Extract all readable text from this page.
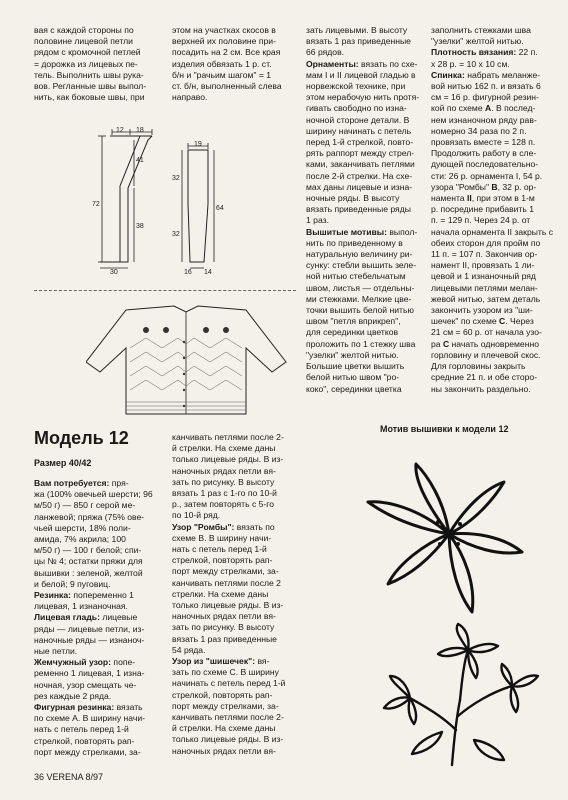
вая с каждой стороны по
половине лицевой петли
рядом с кромочной петлей
= дорожка из лицевых пе-
тель. Выполнить швы рука-
вов. Регланные швы выпол-
нить, как боковые швы, при
этом на участках скосов в
верхней их половине при-
посадить на 2 см. Все края
изделия обвязать 1 р. ст.
б/н и "рачьим шагом" = 1
ст. б/н, выполненный слева
направо.
зать лицевыми. В высоту
вязать 1 раз приведенные
66 рядов.
Орнаменты: вязать по схе-
мам I и II лицевой гладью в
норвежской технике, при
этом нерабочую нить протя-
гивать свободно по изна-
ночной стороне детали. В
ширину начинать с петель
перед 1-й стрелкой, повто-
рять раппорт между стрел-
ками, заканчивать петлями
после 2-й стрелки. На схе-
мах даны лицевые и изна-
ночные ряды. В высоту
вязать приведенные ряды
1 раз.
Вышитые мотивы: выпол-
нить по приведенному в
натуральную величину ри-
сунку: стебли вышить зеле-
ной нитью стебельчатым
швом, листья — отдельны-
ми стежками. Мелкие цве-
точки вышить белой нитью
швом "петля вприкреп",
для серединки цветков
проложить по 1 стежку шва
"узелки" желтой нитью.
Большие цветки вышить
белой нитью швом "ро-
коко", серединки цветка
заполнить стежками шва
"узелки" желтой нитью.
Плотность вязания: 22 п.
х 28 р. = 10 х 10 см.
Спинка: набрать меланже-
вой нитью 162 п. и вязать 6
см = 16 р. фигурной резин-
кой по схеме А. В послед-
нем изнаночном ряду рав-
номерно 34 раза по 2 п.
провязать вместе = 128 п.
Продолжить работу в сле-
дующей последовательно-
сти: 26 р. орнамента I, 54 р.
узора "Ромбы" В, 32 р. ор-
намента II, при этом в 1-м
р. посредине прибавить 1
п. = 129 п. Через 24 р. от
начала орнамента II закрыть с
обеих сторон для пройм по
11 п. = 107 п. Закончив ор-
намент II, провязать 1 ли-
цевой и 1 изнаночный ряд
лицевыми петлями мелан-
жевой нитью, затем деталь
закончить узором из "ши-
шечек" по схеме С. Через
21 см = 60 р. от начала узо-
ра С начать одновременно
горловину и плечевой скос.
Для горловины закрыть
средние 21 п. и обе сторо-
ны закончить раздельно.
12 18
72
41
38
30
19
32
32
64
16 14
Модель 12
Размер 40/42
Вам потребуется: пря-
жа (100% овечьей шерсти; 96
м/50 г) — 850 г серой ме-
ланжевой; пряжа (75% ове-
чьей шерсти, 18% поли-
амида, 7% акрила; 100
м/50 г) — 100 г белой; спи-
цы № 4; остатки пряжи для
вышивки : зеленой, желтой
и белой; 9 пуговиц.
Резинка: попеременно 1
лицевая, 1 изнаночная.
Лицевая гладь: лицевые
ряды — лицевые петли, из-
наночные ряды — изнаноч-
ные петли.
Жемчужный узор: попе-
ременно 1 лицевая, 1 изна-
ночная, узор смещать че-
рез каждые 2 ряда.
Фигурная резинка: вязать
по схеме А. В ширину начи-
нать с петель перед 1-й
стрелкой, повторять рап-
порт между стрелками, за-
канчивать петлями после 2-
й стрелки. На схеме даны
только лицевые ряды. В из-
наночных рядах петли вя-
зать по рисунку. В высоту
вязать 1 раз с 1-го по 10-й
р., затем повторять с 5-го
по 10-й ряд.
Узор "Ромбы": вязать по
схеме В. В ширину начи-
нать с петель перед 1-й
стрелкой, повторять рап-
порт между стрелками, за-
канчивать петлями после 2
стрелки. На схеме даны
только лицевые ряды. В из-
наночных рядах петли вя-
зать по рисунку. В высоту
вязать 1 раз приведенные
54 ряда.
Узор из "шишечек": вя-
зать по схеме С. В ширину
начинать с петель перед 1-й
стрелкой, повторять рап-
порт между стрелками, за-
канчивать петлями после 2-
й стрелки. На схеме даны
только лицевые ряды. В из-
наночных рядах петли вя-
Мотив вышивки к модели 12
36 VERENA 8/97
